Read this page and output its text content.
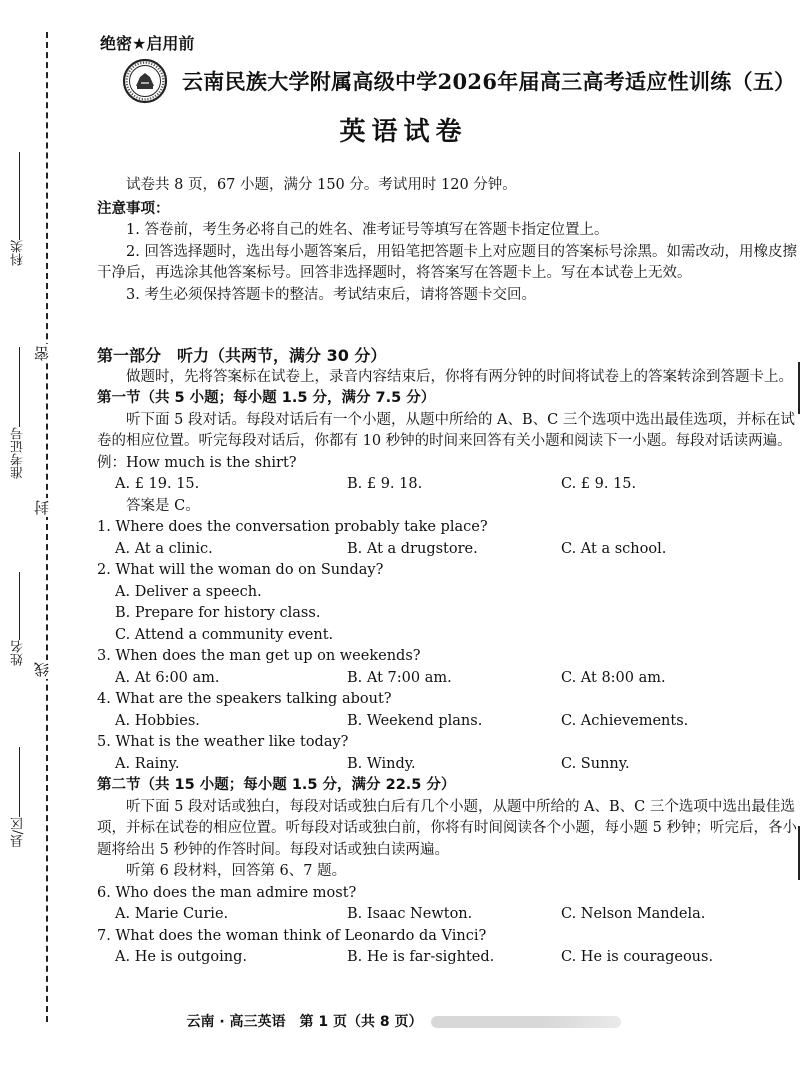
密
封
线
科类
准考证号
姓名
县/区
绝密★启用前
云南民族大学附属高级中学2026年届高三高考适应性训练（五）
英语试卷

试卷共 8 页，67 小题，满分 150 分。考试用时 120 分钟。

注意事项：

1. 答卷前，考生务必将自己的姓名、准考证号等填写在答题卡指定位置上。

2. 回答选择题时，选出每小题答案后，用铅笔把答题卡上对应题目的答案标号涂黑。如需改动，用橡皮擦干净后，再选涂其他答案标号。回答非选择题时，将答案写在答题卡上。写在本试卷上无效。

3. 考生必须保持答题卡的整洁。考试结束后，请将答题卡交回。

第一部分　听力（共两节，满分 30 分）

做题时，先将答案标在试卷上，录音内容结束后，你将有两分钟的时间将试卷上的答案转涂到答题卡上。

第一节（共 5 小题；每小题 1.5 分，满分 7.5 分）

听下面 5 段对话。每段对话后有一个小题，从题中所给的 A、B、C 三个选项中选出最佳选项，并标在试卷的相应位置。听完每段对话后，你都有 10 秒钟的时间来回答有关小题和阅读下一小题。每段对话读两遍。

例：How much is the shirt?

A. £ 19. 15.	B. £ 9. 18.	C. £ 9. 15.

答案是 C。

1. Where does the conversation probably take place?

A. At a clinic.	B. At a drugstore.	C. At a school.

2. What will the woman do on Sunday?

A. Deliver a speech.

B. Prepare for history class.

C. Attend a community event.

3. When does the man get up on weekends?

A. At 6:00 am.	B. At 7:00 am.	C. At 8:00 am.

4. What are the speakers talking about?

A. Hobbies.	B. Weekend plans.	C. Achievements.

5. What is the weather like today?

A. Rainy.	B. Windy.	C. Sunny.

第二节（共 15 小题；每小题 1.5 分，满分 22.5 分）

听下面 5 段对话或独白，每段对话或独白后有几个小题，从题中所给的 A、B、C 三个选项中选出最佳选项，并标在试卷的相应位置。听每段对话或独白前，你将有时间阅读各个小题，每小题 5 秒钟；听完后，各小题将给出 5 秒钟的作答时间。每段对话或独白读两遍。

听第 6 段材料，回答第 6、7 题。

6. Who does the man admire most?

A. Marie Curie.	B. Isaac Newton.	C. Nelson Mandela.

7. What does the woman think of Leonardo da Vinci?

A. He is outgoing.	B. He is far-sighted.	C. He is courageous.
云南 · 高三英语　第 1 页（共 8 页）
